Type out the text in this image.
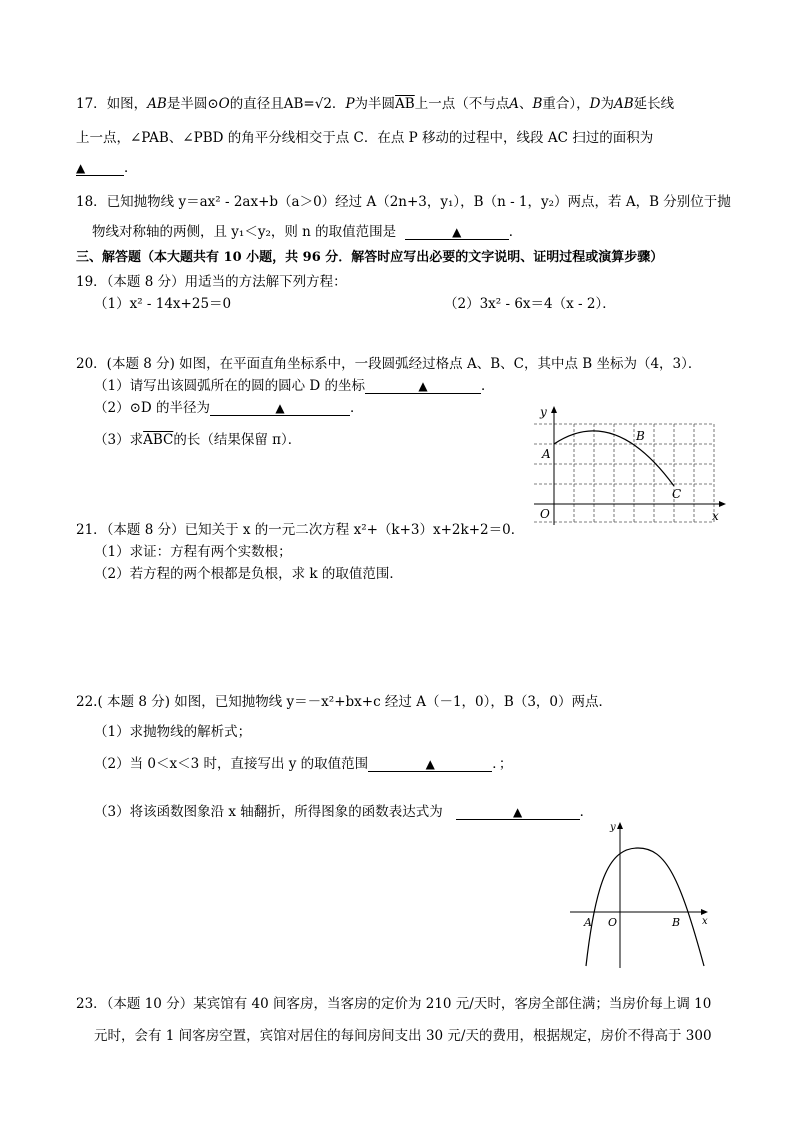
17．如图，AB是半圆⊙O的直径且AB=√2．P为半圆$\overline{AB}$上一点（不与点A、B重合），D为AB延长线
上一点，∠PAB、∠PBD 的角平分线相交于点 C．在点 P 移动的过程中，线段 AC 扫过的面积为
▲	．
18．已知抛物线 y＝ax² - 2ax+b（a＞0）经过 A（2n+3，y₁），B（n - 1，y₂）两点，若 A，B 分别位于抛
物线对称轴的两侧，且 y₁＜y₂，则 n 的取值范围是	▲	．
三、解答题（本大题共有 10 小题，共 96 分．解答时应写出必要的文字说明、证明过程或演算步骤）
19．（本题 8 分）用适当的方法解下列方程：
（1）x² - 14x+25＝0	（2）3x² - 6x＝4（x - 2）．
20．(本题 8 分) 如图，在平面直角坐标系中，一段圆弧经过格点 A、B、C，其中点 B 坐标为（4，3）．
（1）请写出该圆弧所在的圆的圆心 D 的坐标	▲	．
（2）⊙D 的半径为	▲	．
（3）求$\overline{ABC}$的长（结果保留 π）．
y
A
B
C
O	x
21．（本题 8 分）已知关于 x 的一元二次方程 x²+（k+3）x+2k+2＝0．
（1）求证：方程有两个实数根；
（2）若方程的两个根都是负根，求 k 的取值范围．
22.( 本题 8 分) 如图，已知抛物线 y＝－x²+bx+c 经过 A（－1，0），B（3，0）两点．
（1）求抛物线的解析式；
（2）当 0＜x＜3 时，直接写出 y 的取值范围	▲	．；
（3）将该函数图象沿 x 轴翻折，所得图象的函数表达式为	▲	．
y
A O	B x
23．（本题 10 分）某宾馆有 40 间客房，当客房的定价为 210 元/天时，客房全部住满；当房价每上调 10
元时，会有 1 间客房空置，宾馆对居住的每间房间支出 30 元/天的费用，根据规定，房价不得高于 300
